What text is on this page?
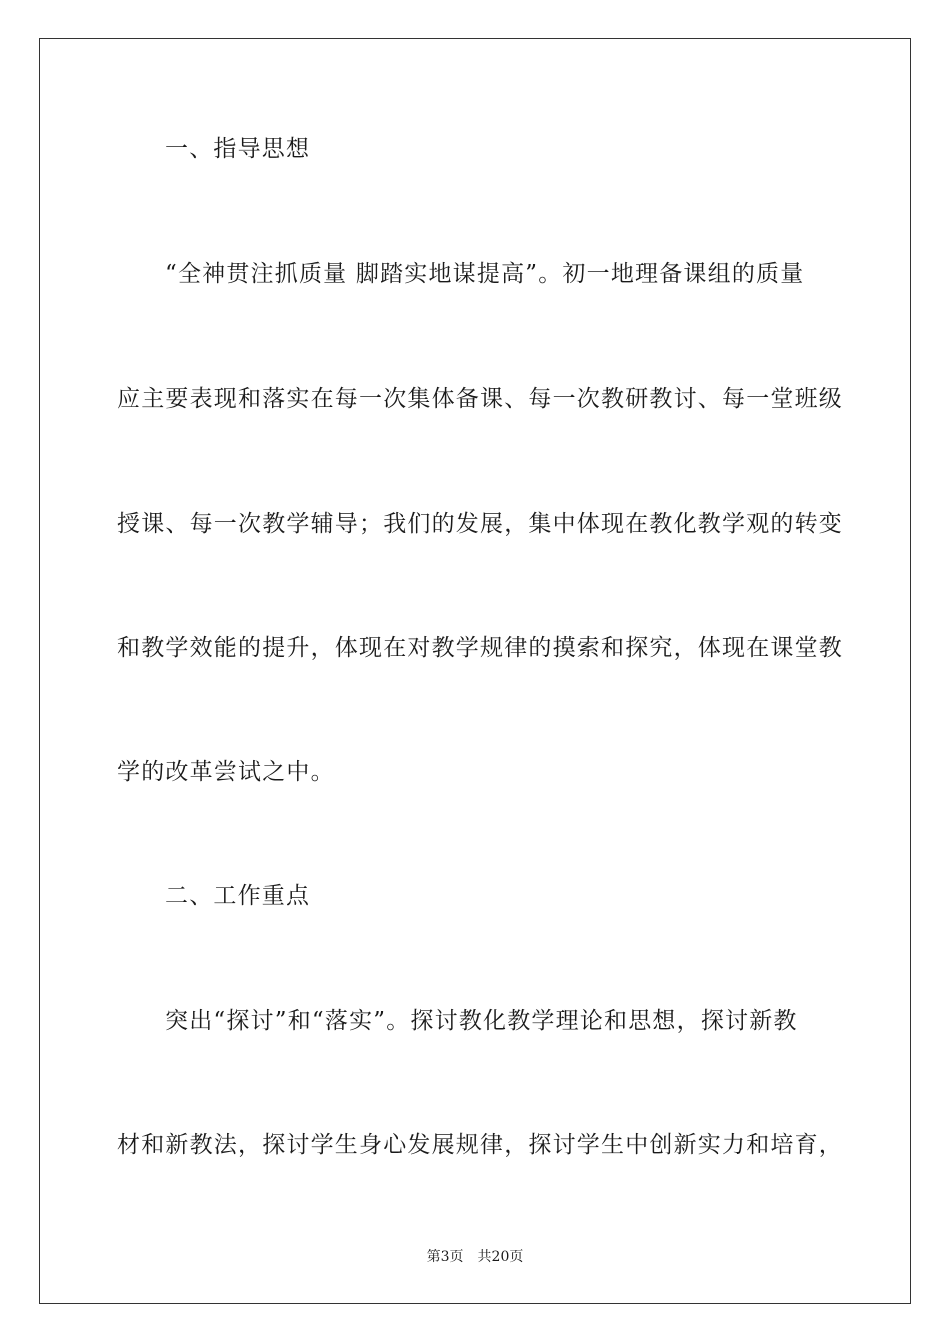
一、指导思想
“全神贯注抓质量 脚踏实地谋提高”。初一地理备课组的质量
应主要表现和落实在每一次集体备课、每一次教研教讨、每一堂班级
授课、每一次教学辅导；我们的发展，集中体现在教化教学观的转变
和教学效能的提升，体现在对教学规律的摸索和探究，体现在课堂教
学的改革尝试之中。
二、工作重点
突出“探讨”和“落实”。探讨教化教学理论和思想，探讨新教
材和新教法，探讨学生身心发展规律，探讨学生中创新实力和培育，
第3页 共20页
